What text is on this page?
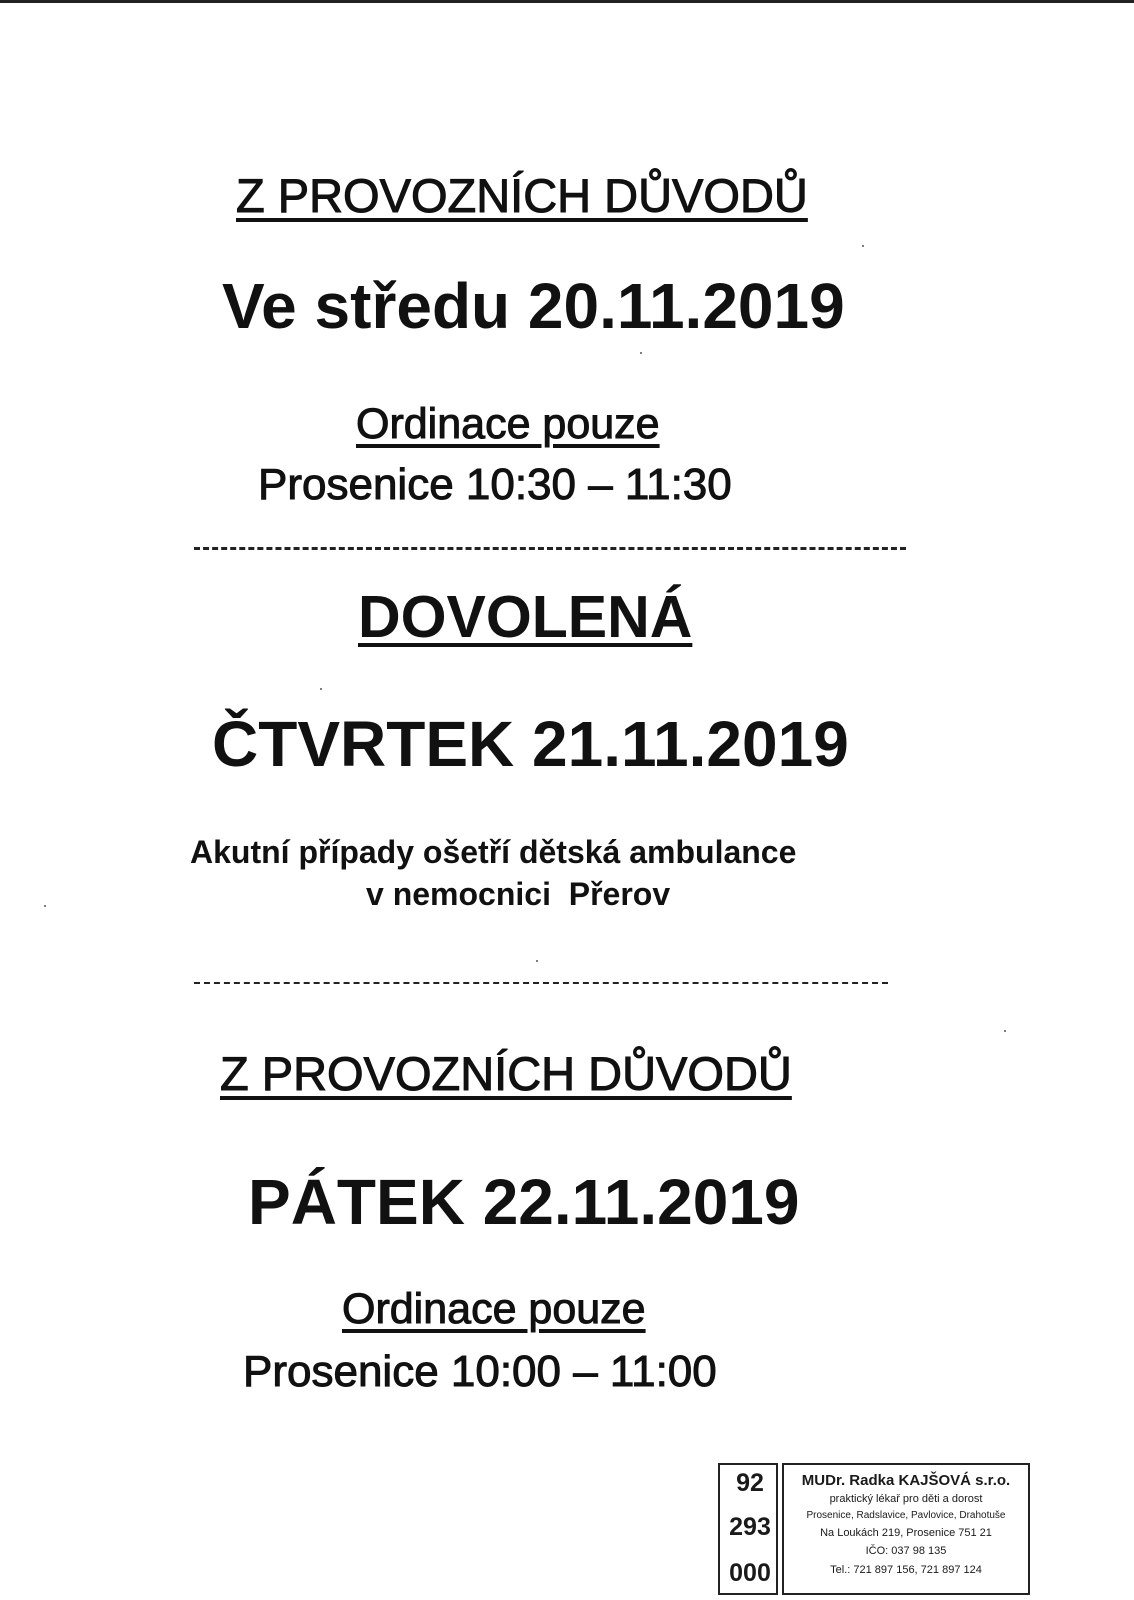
Z PROVOZNÍCH DŮVODŮ
Ve středu 20.11.2019
Ordinace pouze
Prosenice 10:30 – 11:30
DOVOLENÁ
ČTVRTEK 21.11.2019
Akutní případy ošetří dětská ambulance
v nemocnici  Přerov
Z PROVOZNÍCH DŮVODŮ
PÁTEK 22.11.2019
Ordinace pouze
Prosenice 10:00 – 11:00
92
293
000
MUDr. Radka KAJŠOVÁ s.r.o.
praktický lékař pro děti a dorost
Prosenice, Radslavice, Pavlovice, Drahotuše
Na Loukách 219, Prosenice 751 21
IČO: 037 98 135
Tel.: 721 897 156, 721 897 124
